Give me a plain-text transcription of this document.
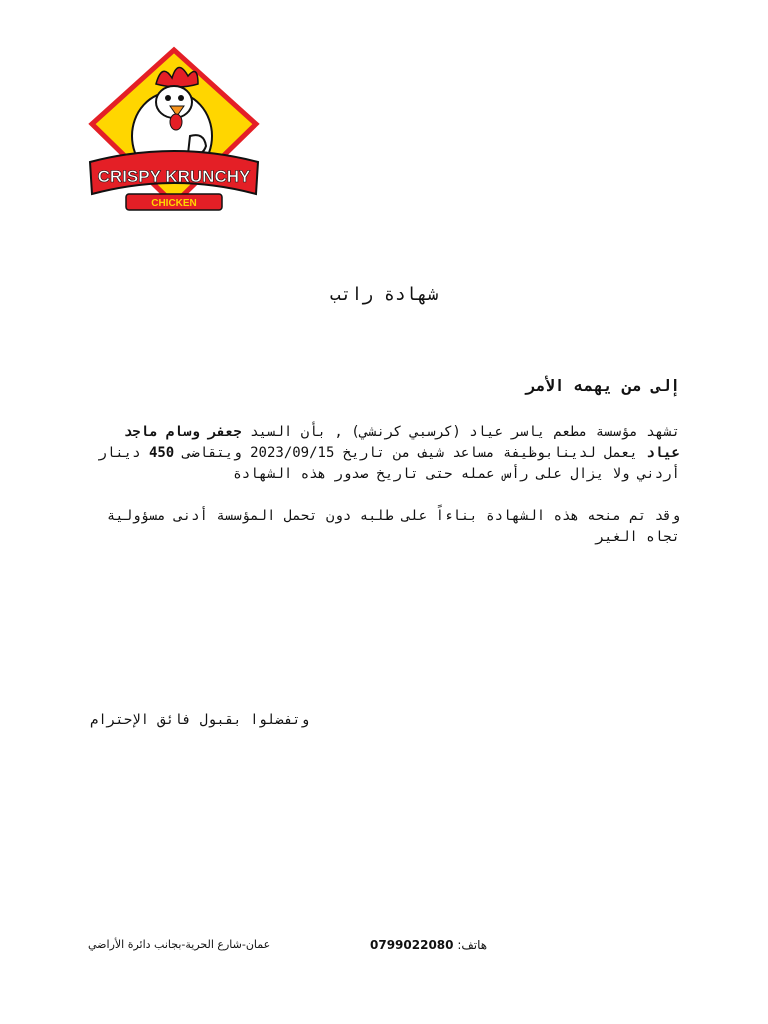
CRISPY KRUNCHY
CHICKEN
شهادة راتب
إلى من يهمه الأمر
تشهد مؤسسة مطعم ياسر عياد (كرسبي كرنشي) , بأن السيد جعفر وسام ماجد عياد يعمل لدينابوظيفة مساعد شيف من تاريخ 2023/09/15 ويتقاضى 450 دينار أردني ولا يزال على رأس عمله حتى تاريخ صدور هذه الشهادة
وقد تم منحه هذه الشهادة بناءاً على طلبه دون تحمل المؤسسة أدنى مسؤولية تجاه الغير
وتفضلوا بقبول فائق الإحترام
هاتف: 0799022080
عمان-شارع الحرية-بجانب دائرة الأراضي
